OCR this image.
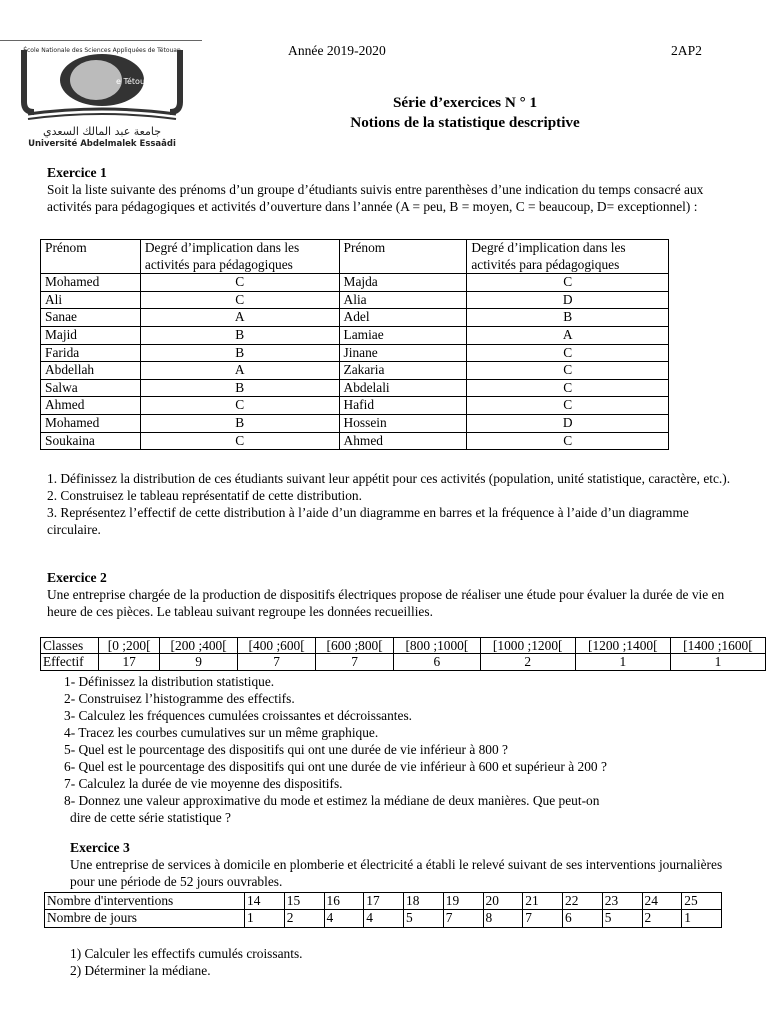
École Nationale des Sciences Appliquées de Tétouan
e Tétouan
جامعة عبد المالك السعدي
Université Abdelmalek Essaâdi
Année 2019-2020	2AP2
Série d’exercices N ° 1
Notions de la statistique descriptive
Exercice 1

Soit la liste suivante des prénoms d’un groupe d’étudiants suivis entre parenthèses d’une indication du temps consacré aux activités para pédagogiques et activités d’ouverture dans l’année (A = peu, B = moyen, C = beaucoup, D= exceptionnel) :

Prénom	Degré d’implication dans les activités para pédagogiques	Prénom	Degré d’implication dans les activités para pédagogiques
Mohamed	C	Majda	C
Ali	C	Alia	D
Sanae	A	Adel	B
Majid	B	Lamiae	A
Farida	B	Jinane	C
Abdellah	A	Zakaria	C
Salwa	B	Abdelali	C
Ahmed	C	Hafid	C
Mohamed	B	Hossein	D
Soukaina	C	Ahmed	C

1. Définissez la distribution de ces étudiants suivant leur appétit pour ces activités (population, unité statistique, caractère, etc.).

2. Construisez le tableau représentatif de cette distribution.

3. Représentez l’effectif de cette distribution à l’aide d’un diagramme en barres et la fréquence à l’aide d’un diagramme circulaire.

Exercice 2

Une entreprise chargée de la production de dispositifs électriques propose de réaliser une étude pour évaluer la durée de vie en heure de ces pièces. Le tableau suivant regroupe les données recueillies.

Classes	[0 ;200[	[200 ;400[	[400 ;600[	[600 ;800[	[800 ;1000[	[1000 ;1200[	[1200 ;1400[	[1400 ;1600[
Effectif	17	9	7	7	6	2	1	1
1- Définissez la distribution statistique.
2- Construisez l’histogramme des effectifs.
3- Calculez les fréquences cumulées croissantes et décroissantes.
4- Tracez les courbes cumulatives sur un même graphique.
5- Quel est le pourcentage des dispositifs qui ont une durée de vie inférieur à 800 ?
6- Quel est le pourcentage des dispositifs qui ont une durée de vie inférieur à 600 et supérieur à 200 ?
7- Calculez la durée de vie moyenne des dispositifs.
8- Donnez une valeur approximative du mode et estimez la médiane de deux manières. Que peut-on
dire de cette série statistique ?
Exercice 3

Une entreprise de services à domicile en plomberie et électricité a établi le relevé suivant de ses interventions journalières pour une période de 52 jours ouvrables.

Nombre d'interventions	14	15	16	17	18	19	20	21	22	23	24	25
Nombre de jours	1	2	4	4	5	7	8	7	6	5	2	1

1) Calculer les effectifs cumulés croissants.

2) Déterminer la médiane.
